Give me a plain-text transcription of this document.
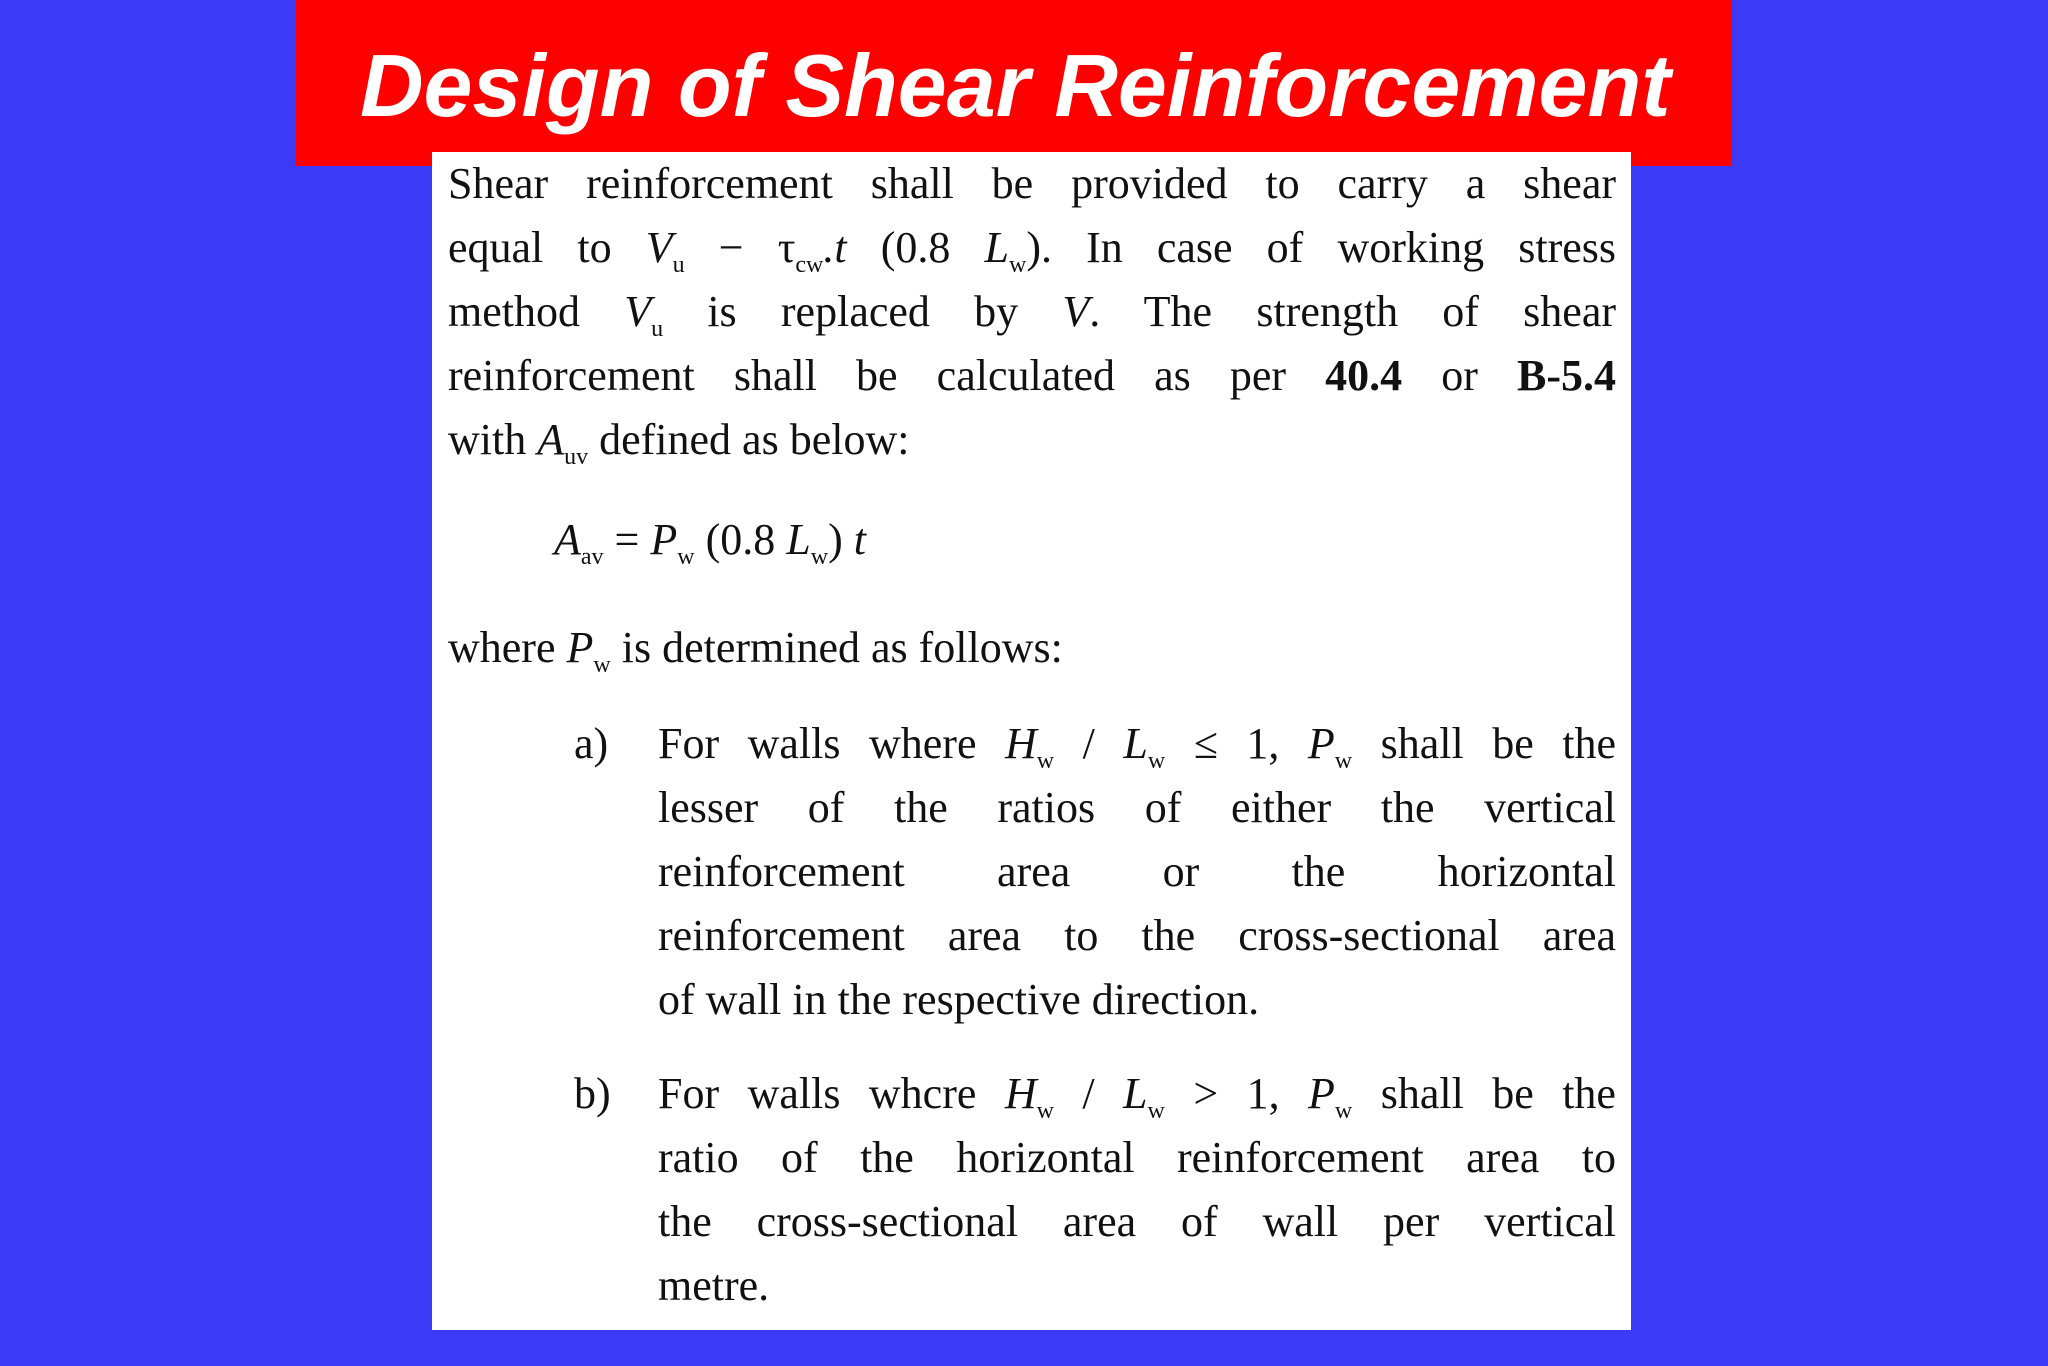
Design of Shear Reinforcement
Shear reinforcement shall be provided to carry a shear
equal to $V_u - \tau_{cw}.t$ (0.8 $L_w$). In case of working stress
method $V_u$ is replaced by V. The strength of shear
reinforcement shall be calculated as per 40.4 or B-5.4
with $A_{uv}$ defined as below:
$A_{av} = P_w$ (0.8 $L_w$) t
where $P_w$ is determined as follows:
a) For walls where $H_w / L_w \le 1$, $P_w$ shall be the
lesser of the ratios of either the vertical
reinforcement area or the horizontal
reinforcement area to the cross-sectional area
of wall in the respective direction.
b) For walls whcre $H_w / L_w > 1$, $P_w$ shall be the
ratio of the horizontal reinforcement area to
the cross-sectional area of wall per vertical
metre.
